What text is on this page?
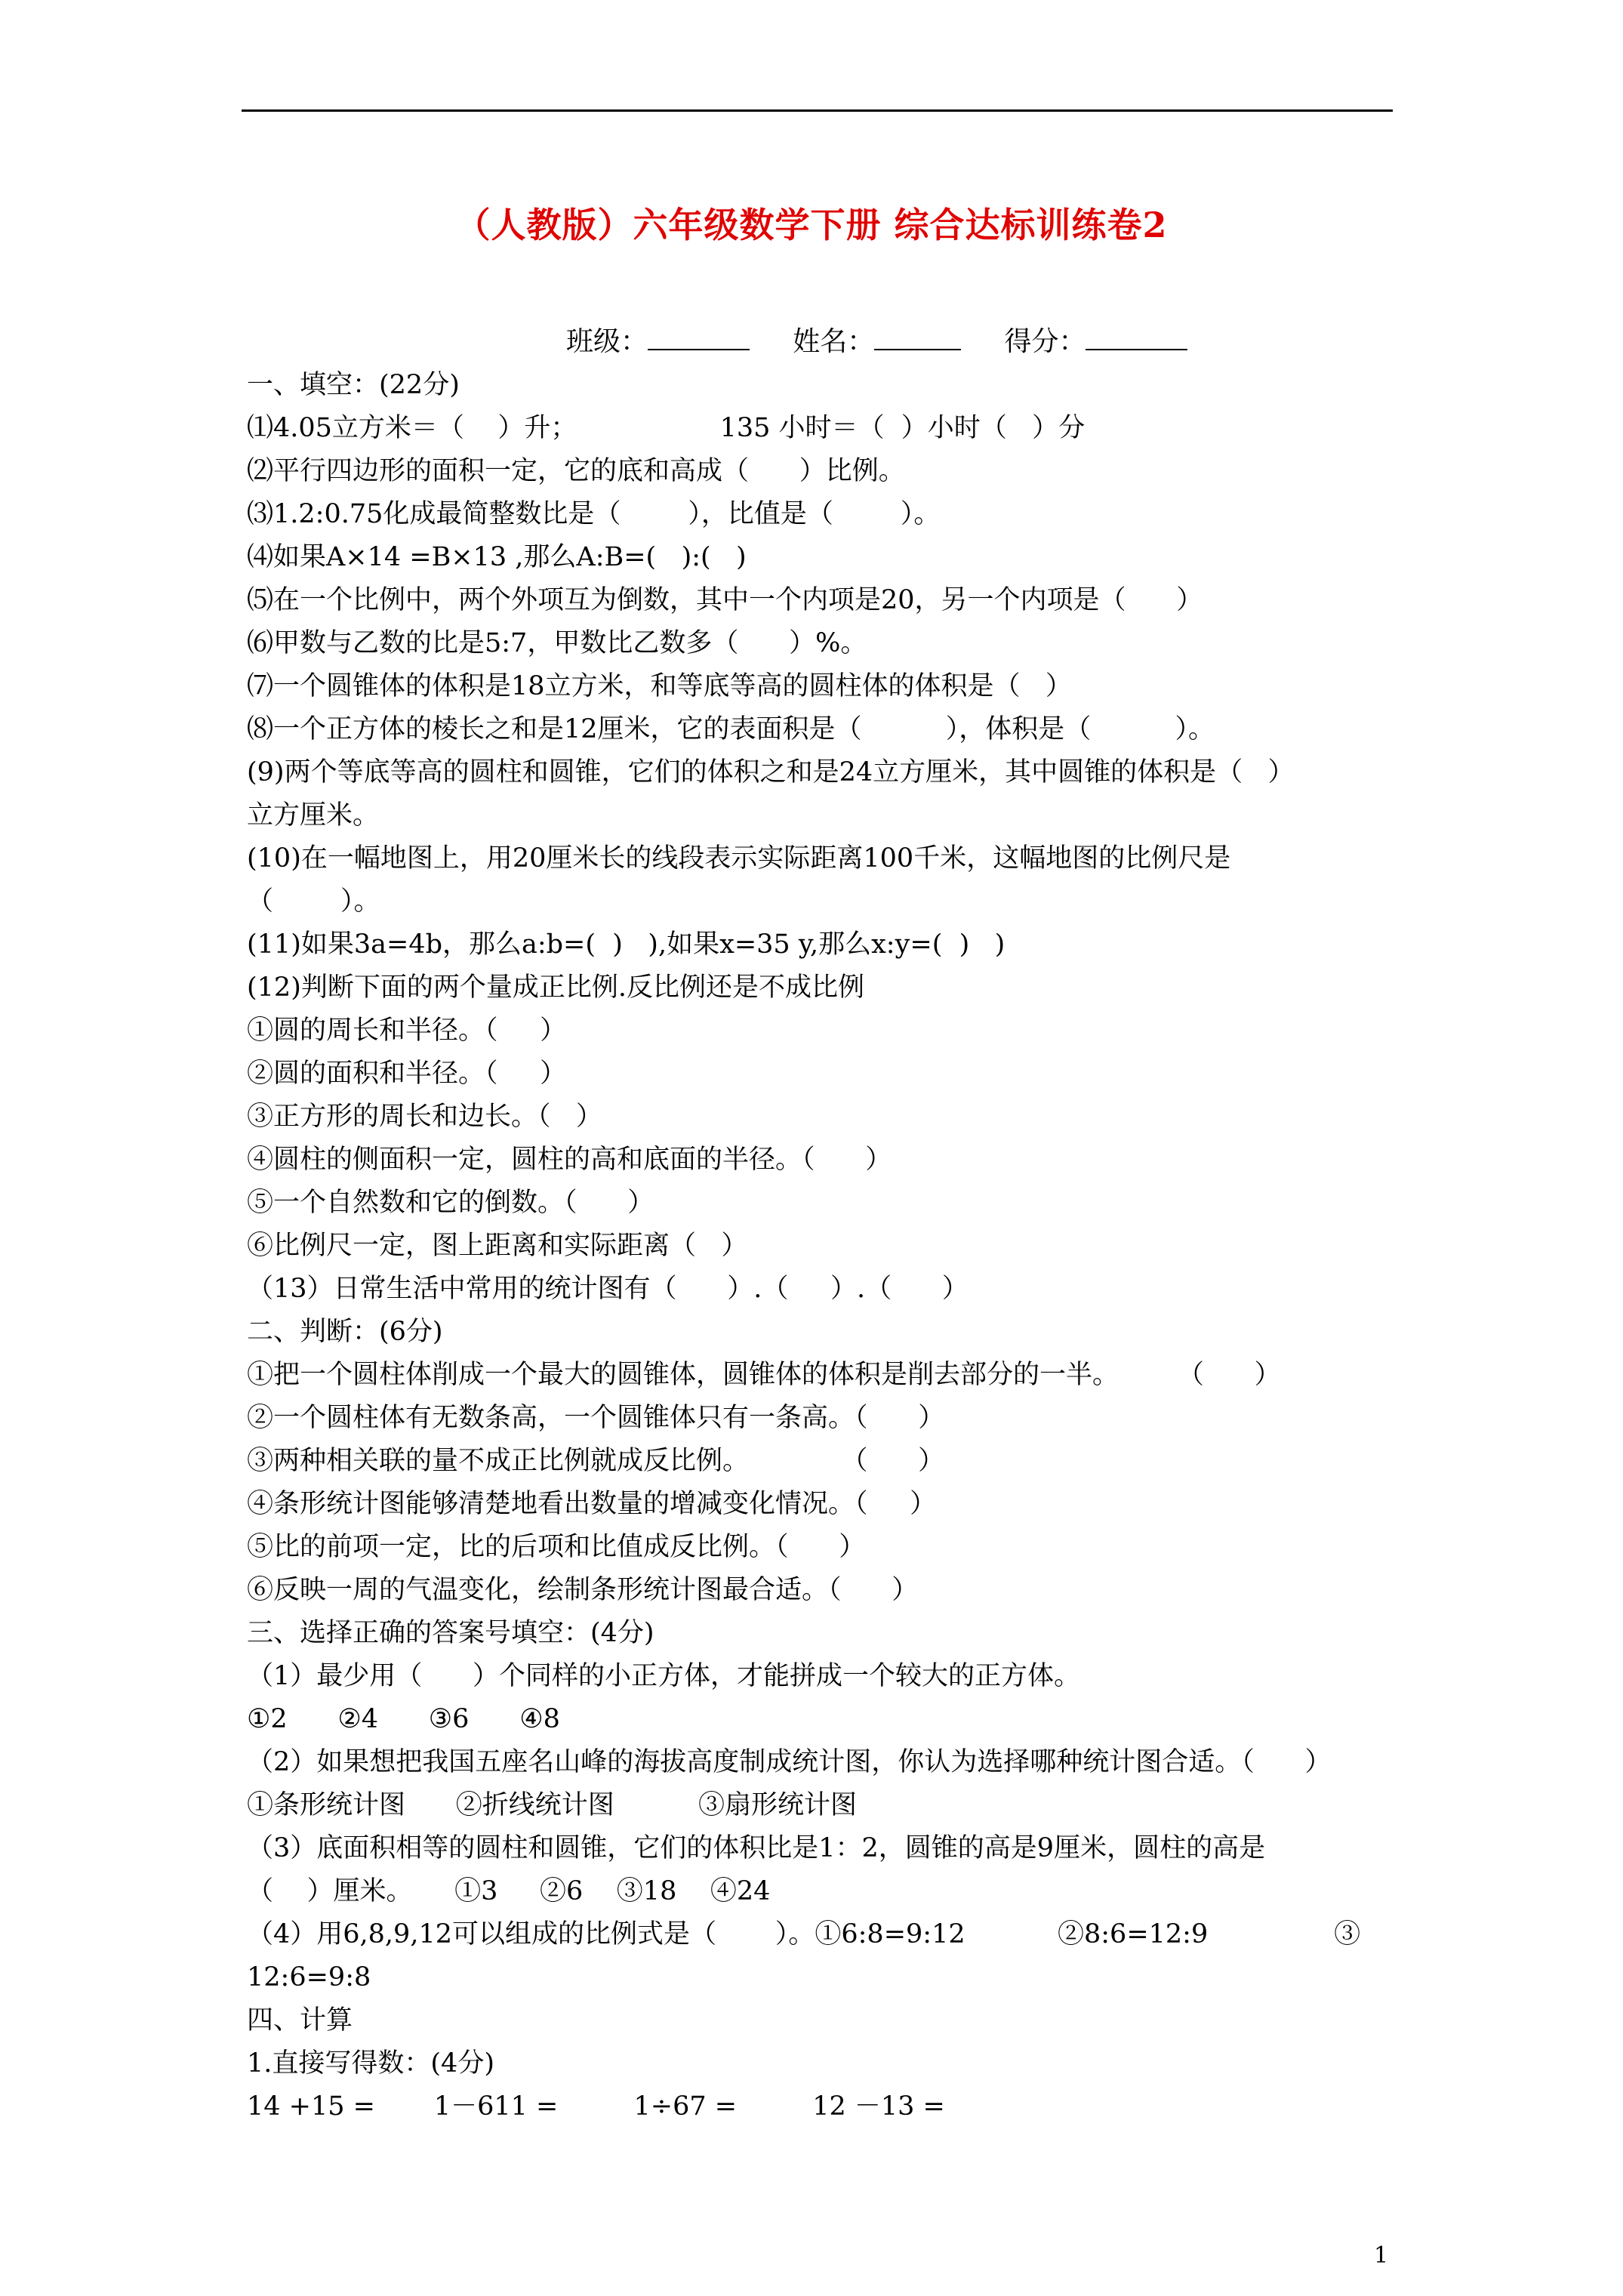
（人教版）六年级数学下册 综合达标训练卷2
班级：	姓名：	得分：
一、填空：(22分)
⑴4.05立方米＝（    ）升；                 135 小时＝（  ）小时（   ）分
⑵平行四边形的面积一定，它的底和高成（      ）比例。
⑶1.2:0.75化成最简整数比是（        ），比值是（        ）。
⑷如果A×14 =B×13 ,那么A:B=(   ):(   )
⑸在一个比例中，两个外项互为倒数，其中一个内项是20，另一个内项是（      ）
⑹甲数与乙数的比是5:7，甲数比乙数多（      ）%。
⑺一个圆锥体的体积是18立方米，和等底等高的圆柱体的体积是（   ）
⑻一个正方体的棱长之和是12厘米，它的表面积是（          ），体积是（          ）。
(9)两个等底等高的圆柱和圆锥，它们的体积之和是24立方厘米，其中圆锥的体积是（   ）
立方厘米。
(10)在一幅地图上，用20厘米长的线段表示实际距离100千米，这幅地图的比例尺是
（        ）。
(11)如果3a=4b，那么a:b=(  )   ),如果x=35 y,那么x:y=(  )   )
(12)判断下面的两个量成正比例.反比例还是不成比例
①圆的周长和半径。（     ）
②圆的面积和半径。（     ）
③正方形的周长和边长。（   ）
④圆柱的侧面积一定，圆柱的高和底面的半径。（      ）
⑤一个自然数和它的倒数。（      ）
⑥比例尺一定，图上距离和实际距离（   ）
（13）日常生活中常用的统计图有（      ）.（     ）.（      ）
二、判断：(6分)
①把一个圆柱体削成一个最大的圆锥体，圆锥体的体积是削去部分的一半。       （      ）
②一个圆柱体有无数条高，一个圆锥体只有一条高。（      ）
③两种相关联的量不成正比例就成反比例。           （      ）
④条形统计图能够清楚地看出数量的增减变化情况。（     ）
⑤比的前项一定，比的后项和比值成反比例。（      ）
⑥反映一周的气温变化，绘制条形统计图最合适。（      ）
三、选择正确的答案号填空：(4分)
（1）最少用（      ）个同样的小正方体，才能拼成一个较大的正方体。
①2      ②4      ③6      ④8
（2）如果想把我国五座名山峰的海拔高度制成统计图，你认为选择哪种统计图合适。（      ）
①条形统计图      ②折线统计图          ③扇形统计图
（3）底面积相等的圆柱和圆锥，它们的体积比是1：2，圆锥的高是9厘米，圆柱的高是
（    ）厘米。     ①3     ②6    ③18    ④24
（4）用6,8,9,12可以组成的比例式是（       ）。①6:8=9:12           ②8:6=12:9               ③
12:6=9:8
四、计算
1.直接写得数：(4分)
14 +15 =       1－611 =         1÷67 =         12 －13 =
1
